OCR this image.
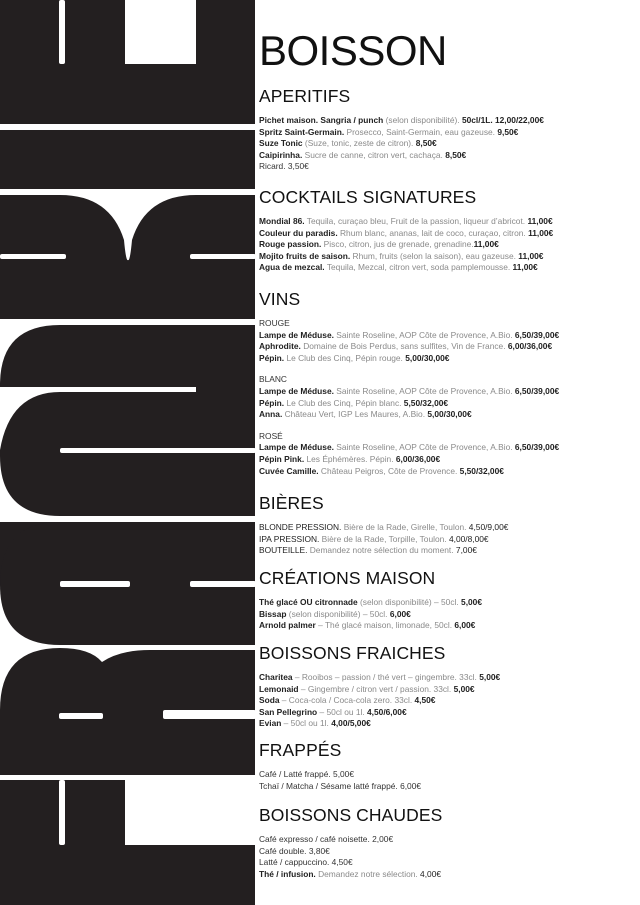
BOISSON
APERITIFS
Pichet maison. Sangria / punch (selon disponibilité). 50cl/1L. 12,00/22,00€
Spritz Saint-Germain. Prosecco, Saint-Germain, eau gazeuse. 9,50€
Suze Tonic (Suze, tonic, zeste de citron). 8,50€
Caipirinha. Sucre de canne, citron vert, cachaça. 8,50€
Ricard. 3,50€
COCKTAILS SIGNATURES
Mondial 86. Tequila, curaçao bleu, Fruit de la passion, liqueur d’abricot. 11,00€
Couleur du paradis. Rhum blanc, ananas, lait de coco, curaçao, citron. 11,00€
Rouge passion. Pisco, citron, jus de grenade, grenadine.11,00€
Mojito fruits de saison. Rhum, fruits (selon la saison), eau gazeuse. 11,00€
Agua de mezcal. Tequila, Mezcal, citron vert, soda pamplemousse. 11,00€
VINS
ROUGE
Lampe de Méduse. Sainte Roseline, AOP Côte de Provence, A.Bio. 6,50/39,00€
Aphrodite. Domaine de Bois Perdus, sans sulfites, Vin de France. 6,00/36,00€
Pépin. Le Club des Cinq, Pépin rouge. 5,00/30,00€
BLANC
Lampe de Méduse. Sainte Roseline, AOP Côte de Provence, A.Bio. 6,50/39,00€
Pépin. Le Club des Cinq, Pépin blanc. 5,50/32,00€
Anna. Château Vert, IGP Les Maures, A.Bio. 5,00/30,00€
ROSÉ
Lampe de Méduse. Sainte Roseline, AOP Côte de Provence, A.Bio. 6,50/39,00€
Pépin Pink. Les Éphémères. Pépin. 6,00/36,00€
Cuvée Camille. Château Peigros, Côte de Provence. 5,50/32,00€
BIÈRES
BLONDE PRESSION. Bière de la Rade, Girelle, Toulon. 4,50/9,00€
IPA PRESSION. Bière de la Rade, Torpille, Toulon. 4,00/8,00€
BOUTEILLE. Demandez notre sélection du moment. 7,00€
CRÉATIONS MAISON
Thé glacé OU citronnade (selon disponibilité) – 50cl. 5,00€
Bissap (selon disponibilité) – 50cl. 6,00€
Arnold palmer – Thé glacé maison, limonade, 50cl. 6,00€
BOISSONS FRAICHES
Charitea – Rooibos – passion / thé vert – gingembre. 33cl. 5,00€
Lemonaid – Gingembre / citron vert / passion. 33cl. 5,00€
Soda – Coca-cola / Coca-cola zero. 33cl. 4,50€
San Pellegrino – 50cl ou 1l. 4,50/6,00€
Evian – 50cl ou 1l. 4,00/5,00€
FRAPPÉS
Café / Latté frappé. 5,00€
Tchaï / Matcha / Sésame latté frappé. 6,00€
BOISSONS CHAUDES
Café expresso / café noisette. 2,00€
Café double. 3,80€
Latté / cappuccino. 4,50€
Thé / infusion. Demandez notre sélection. 4,00€
